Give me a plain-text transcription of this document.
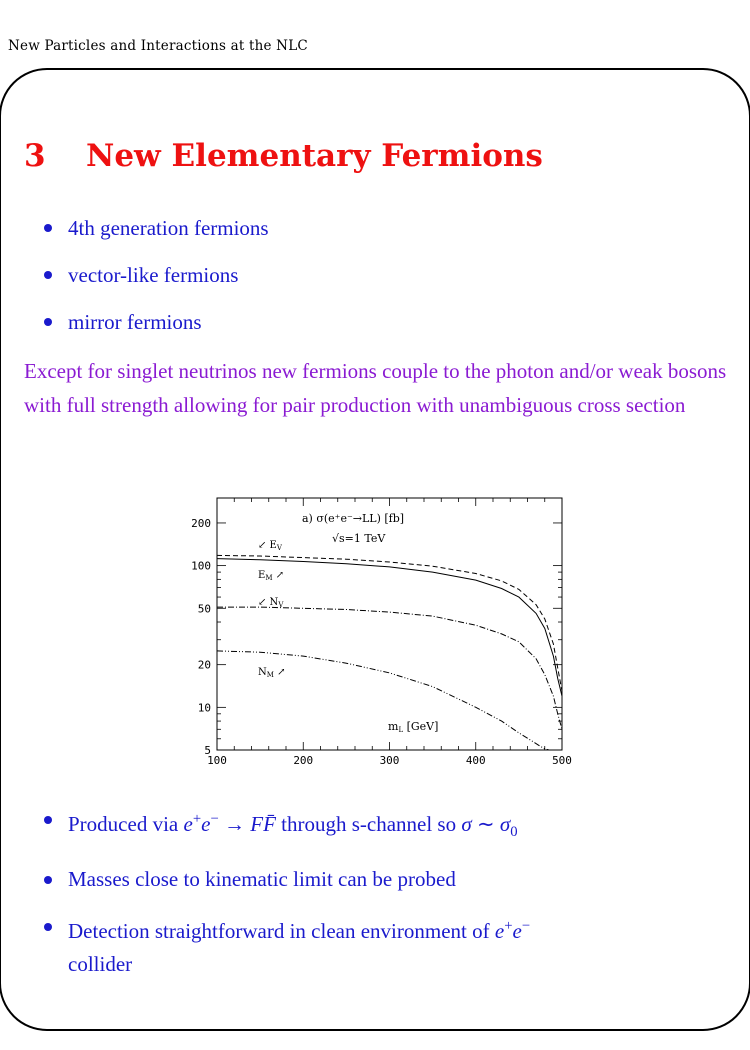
New Particles and Interactions at the NLC
3 New Elementary Fermions
4th generation fermions
vector-like fermions
mirror fermions

Except for singlet neutrinos new fermions couple to the photon and/or weak bosons with full strength allowing for pair production with unambiguous cross section

100	200	300	400	500
5
10
20
50
100
200	a) σ(e⁺e⁻→LL) [fb]
√s=1 TeV
mL [GeV]
↙ $E_V$
$E_M$ ↗
↙ $N_V$
$N_M$ ↗
Produced via e+e− → FF̄ through s-channel so σ ∼ $\sigma_0$
Masses close to kinematic limit can be probed
Detection straightforward in clean environment of e+e−
collider
